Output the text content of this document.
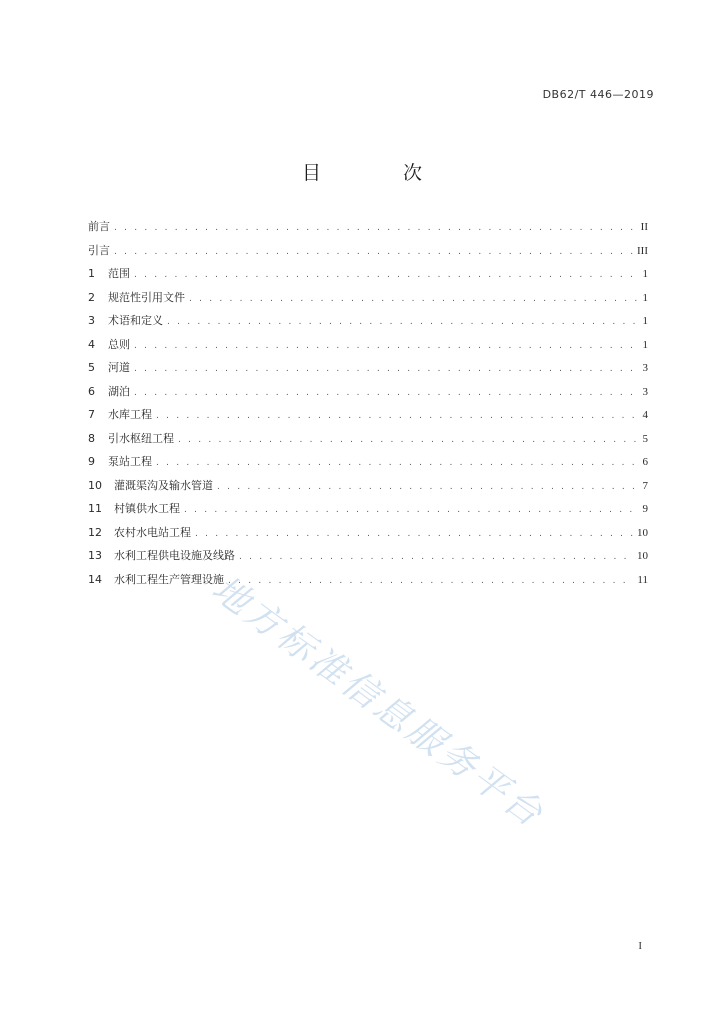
DB62/T 446—2019
目 次
前言 . . .	II
引言 . . .	III
1	范围 . . .	1
2	规范性引用文件 . . .	1
3	术语和定义 . . .	1
4	总则 . . .	1
5	河道 . . .	3
6	湖泊 . . .	3
7	水库工程 . . .	4
8	引水枢纽工程 . . .	5
9	泵站工程 . . .	6
10	灌溉渠沟及输水管道 . . .	7
11	村镇供水工程 . . .	9
12	农村水电站工程 . . .	10
13	水利工程供电设施及线路 . . .	10
14	水利工程生产管理设施 . . .	11
地方标准信息服务平台
I
